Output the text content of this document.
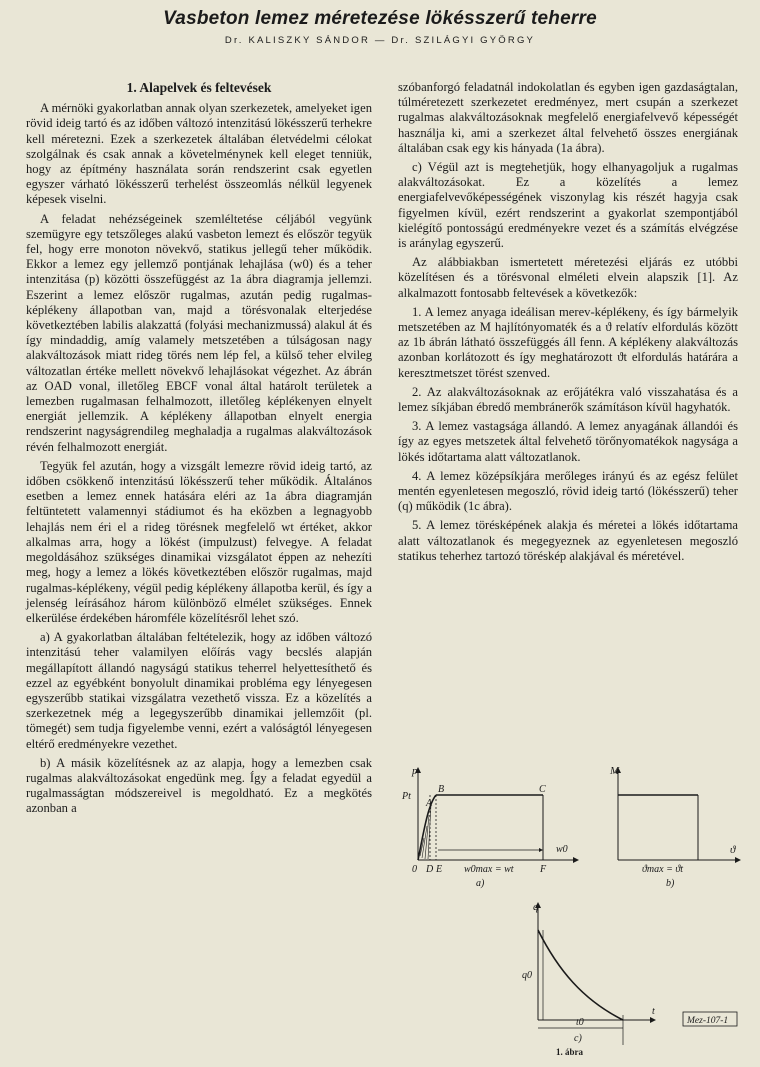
Vasbeton lemez méretezése lökésszerű teherre
Dr. KALISZKY SÁNDOR — Dr. SZILÁGYI GYÖRGY
1. Alapelvek és feltevések

A mérnöki gyakorlatban annak olyan szerkezetek, amelyeket igen rövid ideig tartó és az időben változó intenzitású lökésszerű terhekre kell méretezni. Ezek a szerkezetek általában életvédelmi célokat szolgálnak és csak annak a követelménynek kell eleget tenniük, hogy az építmény használata során rendszerint csak egyetlen egyszer várható lökésszerű terhelést összeomlás nélkül legyenek képesek viselni.

A feladat nehézségeinek szemléltetése céljából vegyünk szemügyre egy tetszőleges alakú vasbeton lemezt és először tegyük fel, hogy erre monoton növekvő, statikus jellegű teher működik. Ekkor a lemez egy jellemző pontjának lehajlása (w0) és a teher intenzitása (p) közötti összefüggést az 1a ábra diagramja jellemzi. Eszerint a lemez először rugalmas, azután pedig rugalmas-képlékeny állapotban van, majd a törésvonalak elterjedése következtében labilis alakzattá (folyási mechanizmussá) alakul át és így mindaddig, amíg valamely metszetében a túlságosan nagy alakváltozások miatt rideg törés nem lép fel, a külső teher elvileg változatlan értéke mellett növekvő lehajlásokat végezhet. Az ábrán az OAD vonal, illetőleg EBCF vonal által határolt területek a lemezben rugalmasan felhalmozott, illetőleg képlékenyen elnyelt energiát jellemzik. A képlékeny állapotban elnyelt energia rendszerint nagyságrendileg meghaladja a rugalmas alakváltozások révén felhalmozott energiát.

Tegyük fel azután, hogy a vizsgált lemezre rövid ideig tartó, az időben csökkenő intenzitású lökésszerű teher működik. Általános esetben a lemez ennek hatására eléri az 1a ábra diagramján feltüntetett valamennyi stádiumot és ha eközben a legnagyobb lehajlás nem éri el a rideg törésnek megfelelő wt értéket, akkor alkalmas arra, hogy a lökést (impulzust) felvegye. A feladat megoldásához szükséges dinamikai vizsgálatot éppen az nehezíti meg, hogy a lemez a lökés következtében először rugalmas, majd rugalmas-képlékeny, végül pedig képlékeny állapotba kerül, és így a jelenség leírásához három különböző elmélet szükséges. Ennek elkerülése érdekében háromféle közelítésről lehet szó.

a) A gyakorlatban általában feltételezik, hogy az időben változó intenzitású teher valamilyen előírás vagy becslés alapján megállapított állandó nagyságú statikus teherrel helyettesíthető és ezzel az egyébként bonyolult dinamikai probléma egy lényegesen egyszerűbb statikai vizsgálatra vezethető vissza. Ez a közelítés a szerkezetnek még a legegyszerűbb dinamikai jellemzőit (pl. tömegét) sem tudja figyelembe venni, ezért a valóságtól lényegesen eltérő eredményekre vezethet.

b) A másik közelítésnek az az alapja, hogy a lemezben csak rugalmas alakváltozásokat engedünk meg. Így a feladat egyedül a rugalmasságtan módszereivel is megoldható. Ez a megkötés azonban a

szóbanforgó feladatnál indokolatlan és egyben igen gazdaságtalan, túlméretezett szerkezetet eredményez, mert csupán a szerkezet rugalmas alakváltozásoknak megfelelő energiafelvevő képességét használja ki, ami a szerkezet által felvehető összes energiának általában csak egy kis hányada (1a ábra).

c) Végül azt is megtehetjük, hogy elhanyagoljuk a rugalmas alakváltozásokat. Ez a közelítés a lemez energiafelvevőképességének viszonylag kis részét hagyja csak figyelmen kívül, ezért rendszerint a gyakorlat szempontjából kielégítő pontosságú eredményekre vezet és a számítás elvégzése is aránylag egyszerű.

Az alábbiakban ismertetett méretezési eljárás ez utóbbi közelítésen és a törésvonal elméleti elvein alapszik [1]. Az alkalmazott fontosabb feltevések a következők:

1. A lemez anyaga ideálisan merev-képlékeny, és így bármelyik metszetében az M hajlítónyomaték és a ϑ relatív elfordulás között az 1b ábrán látható összefüggés áll fenn. A képlékeny alakváltozás azonban korlátozott és így meghatározott ϑt elfordulás határára a keresztmetszet törést szenved.

2. Az alakváltozásoknak az erőjátékra való visszahatása és a lemez síkjában ébredő membránerők számításon kívül hagyhatók.

3. A lemez vastagsága állandó. A lemez anyagának állandói és így az egyes metszetek által felvehető törőnyomatékok nagysága a lökés időtartama alatt változatlanok.

4. A lemez középsíkjára merőleges irányú és az egész felület mentén egyenletesen megoszló, rövid ideig tartó (lökésszerű) teher (q) működik (1c ábra).

5. A lemez törésképének alakja és méretei a lökés időtartama alatt változatlanok és megegyeznek az egyenletesen megoszló statikus teherhez tartozó töréskép alakjával és méretével.

p
Pt
A
B	C
0 D E	F
w0max = wt
w0
a)
M
ϑ
ϑmax = ϑt
b)
q
q0
t
t0
c)
Mez-107-1
1. ábra
